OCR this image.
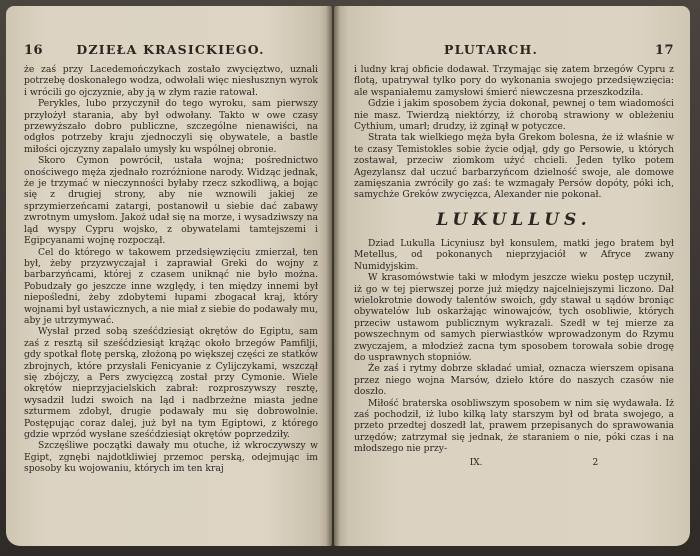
16	DZIEŁA KRASICKIEGO.

że zaś przy Lacedemończykach zostało zwycięztwo, uznali potrzebę doskonałego wodza, odwołali więc niesłusznyn wyrok i wrócili go ojczyznie, aby ją w złym razie ratował.

Perykles, lubo przyczynił do tego wyroku, sam pierwszy przyłożył starania, aby był odwołany. Takto w owe czasy przewyższało dobro publiczne, szczególne nienawiści, na odgłos potrzeby kraju zjednoczyli się obywatele, a bastle miłości ojczyzny zapalało umysły ku wspólnej obronie.

Skoro Cymon powrócił, ustała wojna; pośrednictwo onościwego męża zjednało rozróżnione narody. Widząc jednak, że je trzymać w nieczynności byłaby rzecz szkodliwą, a bojąc się z drugiej strony, aby nie wznowili jakiej ze sprzymierzeńcami zatargi, postanowił u siebie dać zabawy zwrotnym umysłom. Jakoż udał się na morze, i wysadziwszy na ląd wyspy Cypru wojsko, z obywatelami tamtejszemi i Egipcyanami wojnę rozpoczął.

Cel do którego w takowem przedsięwzięciu zmierzał, ten był, żeby przyzwyczajał i zaprawiał Greki do wojny z barbarzyńcami, której z czasem uniknąć nie było można. Pobudzały go jeszcze inne względy, i ten między innemi był niepośledni, żeby zdobytemi łupami zbogacał kraj, który wojnami był ustawicznych, a nie miał z siebie do podawały mu, aby je utrzymywać.

Wysłał przed sobą sześćdziesiąt okrętów do Egiptu, sam zaś z resztą sił sześćdziesiąt krążąc około brzegów Pamfilji, gdy spotkał flotę perską, złożoną po większej części ze statków zbrojnych, które przysłali Fenicyanie z Cylijczykami, wszczął się zbójczy, a Pers zwycięzcą został przy Cymonie. Wiele okrętów nieprzyjacielskich zabrał: rozproszywszy resztę, wysadził ludzi swoich na ląd i nadbrzeżne miasta jedne szturmem zdobył, drugie podawały mu się dobrowolnie. Postępując coraz dalej, już był na tym Egiptowi, z którego gdzie wprzód wysłane sześćdziesiąt okrętów poprzedziły.

Szczęśliwe początki dawały mu otuche, iż wkroczywszy w Egipt, zgnębi najdotkliwiej przemoc perską, odejmując im sposoby ku wojowaniu, których im ten kraj

PLUTARCH.	17

i ludny kraj obficie dodawał. Trzymając się zatem brzegów Cypru z flotą, upatrywał tylko pory do wykonania swojego przedsięwzięcia: ale wspaniałemu zamysłowi śmierć niewczesna przeszkodziła.

Gdzie i jakim sposobem życia dokonał, pewnej o tem wiadomości nie masz. Twierdzą niektórzy, iż chorobą strawiony w obleżeniu Cythium, umarł; drudzy, iż zginął w potyczce.

Strata tak wielkiego męża była Grekom bolesna, że iż właśnie w te czasy Temistokles sobie życie odjął, gdy go Persowie, u których zostawał, przeciw ziomkom użyć chcieli. Jeden tylko potem Agezylansz dał uczuć barbarzyńcom dzielność swoje, ale domowe zamięszania zwróciły go zaś: te wzmagały Persów dopóty, póki ich, samychże Greków zwycięzca, Alexander nie pokonał.

LUKULLUS.

Dziad Lukulla Licyniusz był konsulem, matki jego bratem był Metellus, od pokonanych nieprzyjaciół w Afryce zwany Numidyjskim.

W krasomówstwie taki w młodym jeszcze wieku postęp uczynił, iż go w tej pierwszej porze już między najcelniejszymi liczono. Dał wielokrotnie dowody talentów swoich, gdy stawał u sądów broniąc obywatelów lub oskarżając winowajców, tych osobliwie, których przeciw ustawom publicznym wykrazali. Szedł w tej mierze za powszechnym od samych pierwiastków wprowadzonym do Rzymu zwyczajem, a młodzież zacna tym sposobem torowała sobie drogę do usprawnych stopniów.

Że zaś i rytmy dobrze składać umiał, oznacza wierszem opisana przez niego wojna Marsów, dzieło które do naszych czasów nie doszło.

Miłość braterska osobliwszym sposobem w nim się wydawała. Iż zaś pochodził, iż lubo kilką laty starszym był od brata swojego, a przeto przedtej doszedł lat, prawem przepisanych do sprawowania urzędów; zatrzymał się jednak, że staraniem o nie, póki czas i na młodszego nie przy-

IX.	2
